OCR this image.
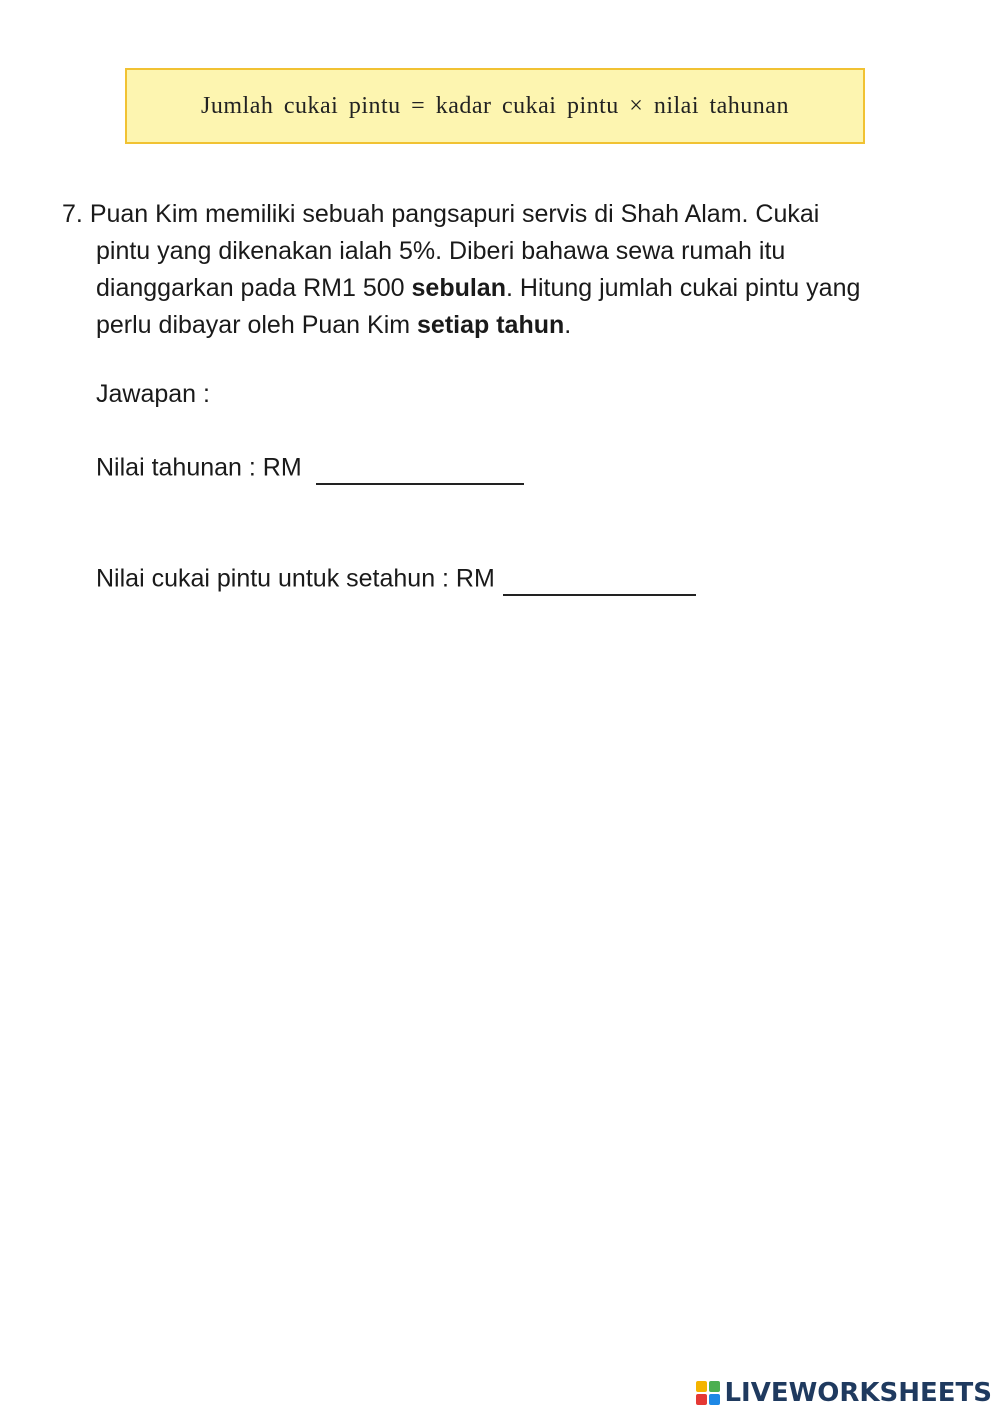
Jumlah cukai pintu = kadar cukai pintu × nilai tahunan
7. Puan Kim memiliki sebuah pangsapuri servis di Shah Alam. Cukai
pintu yang dikenakan ialah 5%. Diberi bahawa sewa rumah itu
dianggarkan pada RM1 500 sebulan. Hitung jumlah cukai pintu yang
perlu dibayar oleh Puan Kim setiap tahun.
Jawapan :
Nilai tahunan : RM
Nilai cukai pintu untuk setahun : RM
LIVEWORKSHEETS
